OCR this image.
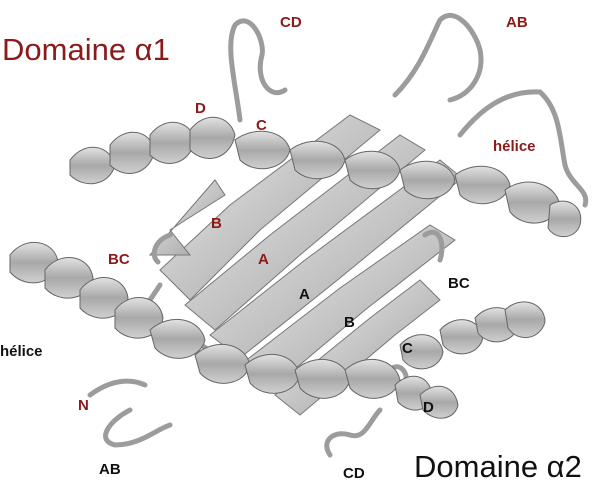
Domaine α1
CD	AB
D
C
hélice
B
BC	A
N
A
BC
B
hélice	C
D
AB	CD Domaine α2
